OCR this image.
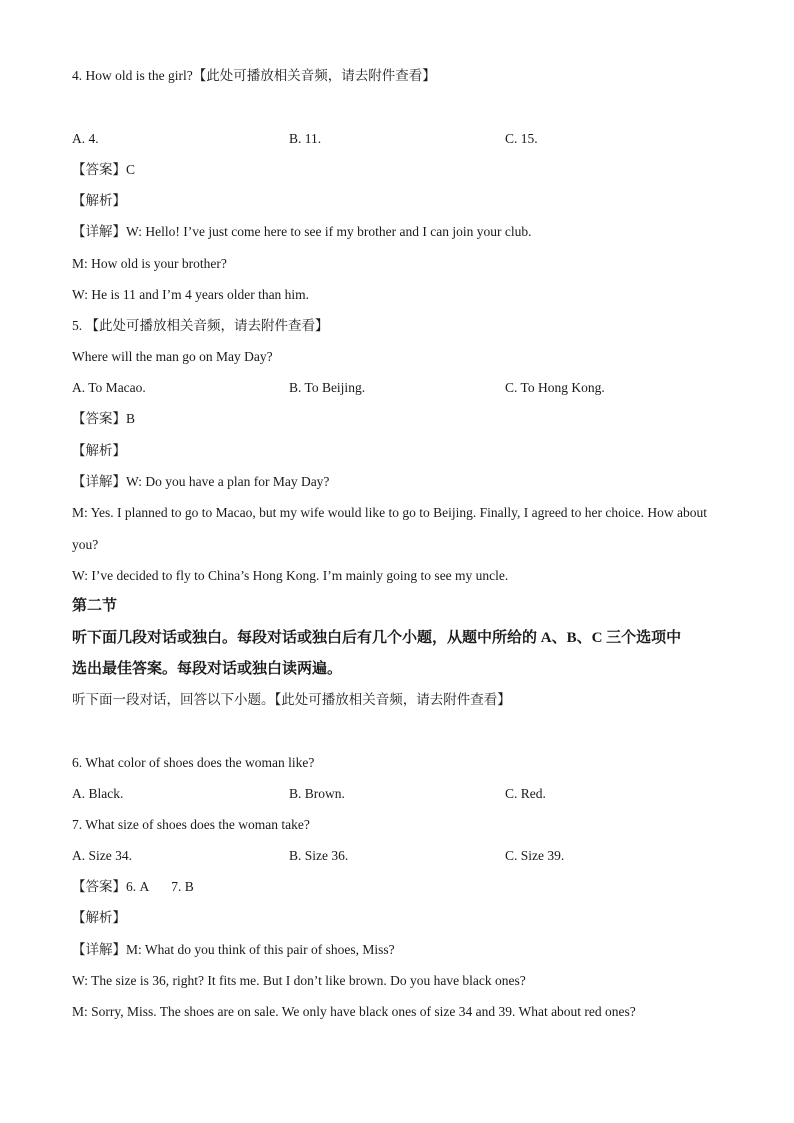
4. How old is the girl?【此处可播放相关音频，请去附件查看】
A. 4.	B. 11.	C. 15.
【答案】C
【解析】
【详解】W: Hello! I’ve just come here to see if my brother and I can join your club.
M: How old is your brother?
W: He is 11 and I’m 4 years older than him.
5. 【此处可播放相关音频，请去附件查看】
Where will the man go on May Day?
A. To Macao.	B. To Beijing.	C. To Hong Kong.
【答案】B
【解析】
【详解】W: Do you have a plan for May Day?
M: Yes. I planned to go to Macao, but my wife would like to go to Beijing. Finally, I agreed to her choice. How about
you?
W: I’ve decided to fly to China’s Hong Kong. I’m mainly going to see my uncle.
第二节
听下面几段对话或独白。每段对话或独白后有几个小题，从题中所给的 A、B、C 三个选项中
选出最佳答案。每段对话或独白读两遍。
听下面一段对话，回答以下小题。【此处可播放相关音频，请去附件查看】
6. What color of shoes does the woman like?
A. Black.	B. Brown.	C. Red.
7. What size of shoes does the woman take?
A. Size 34.	B. Size 36.	C. Size 39.
【答案】6. A 7. B
【解析】
【详解】M: What do you think of this pair of shoes, Miss?
W: The size is 36, right? It fits me. But I don’t like brown. Do you have black ones?
M: Sorry, Miss. The shoes are on sale. We only have black ones of size 34 and 39. What about red ones?
